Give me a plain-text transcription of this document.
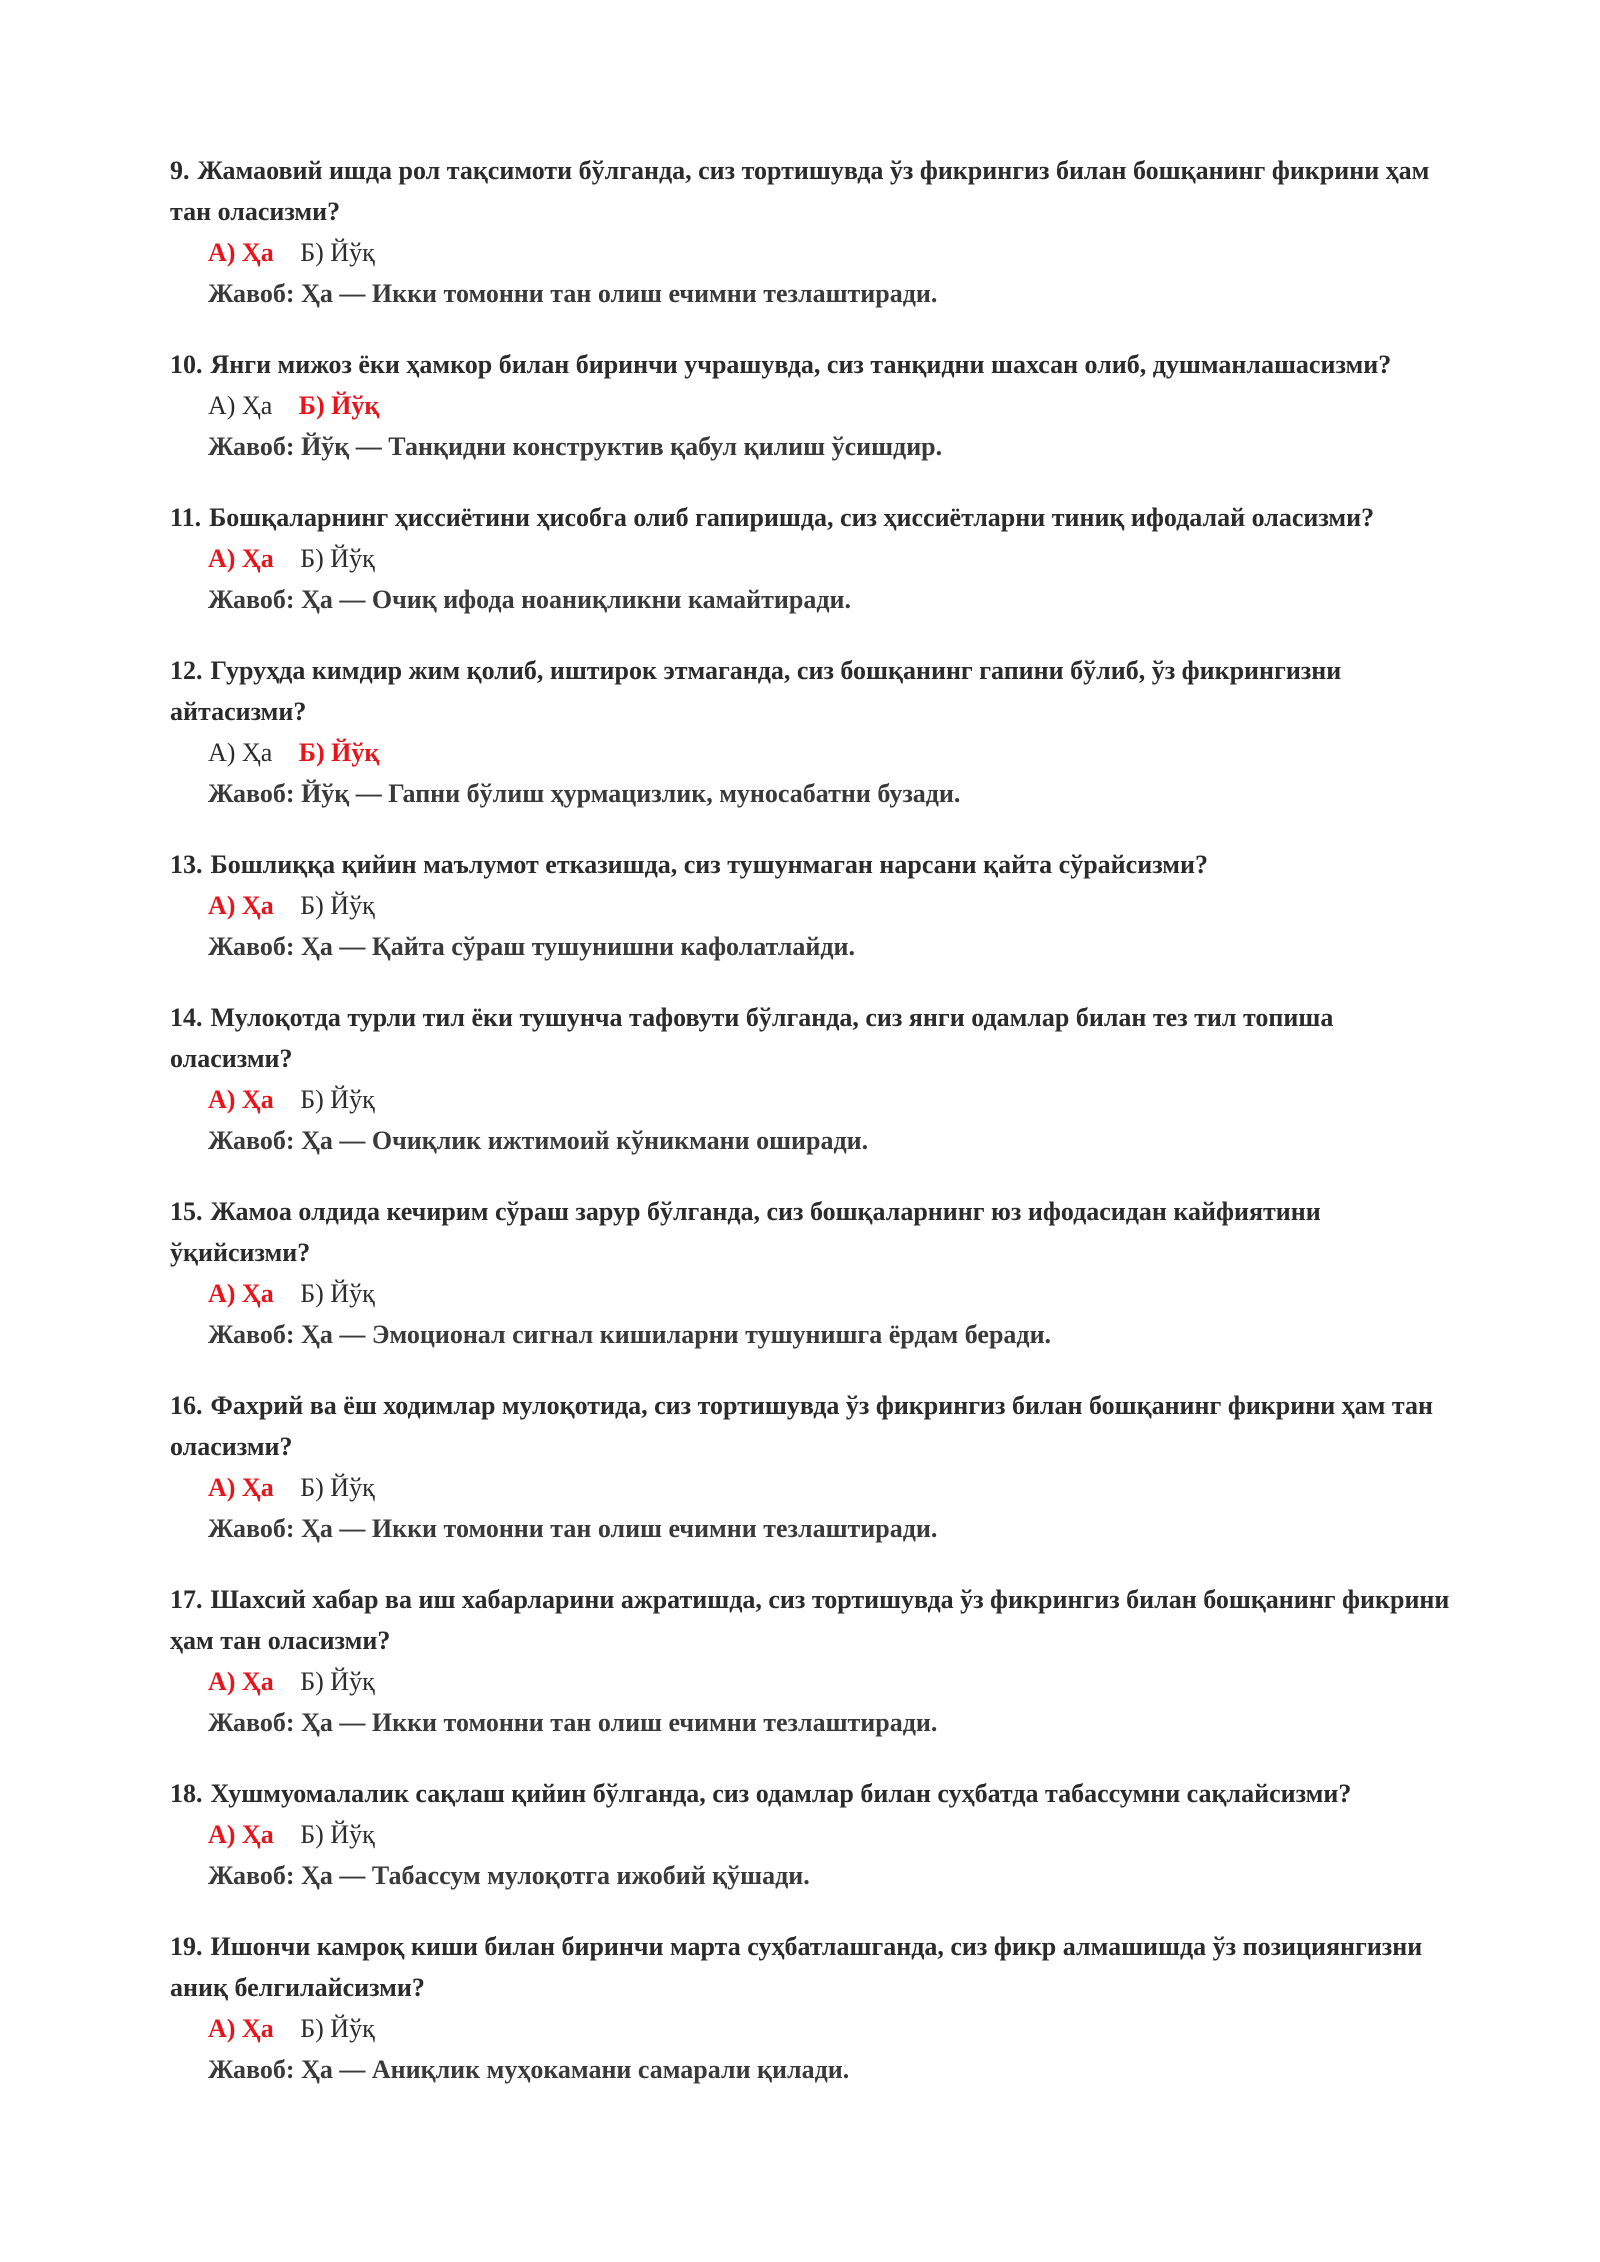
9. Жамаовий ишда рол тақсимоти бўлганда, сиз тортишувда ўз фикрингиз билан бошқанинг фикрини ҳам тан оласизми?

А) Ҳа Б) Йўқ
Жавоб: Ҳа — Икки томонни тан олиш ечимни тезлаштиради.

10. Янги мижоз ёки ҳамкор билан биринчи учрашувда, сиз танқидни шахсан олиб, душманлашасизми?

А) Ҳа Б) Йўқ
Жавоб: Йўқ — Танқидни конструктив қабул қилиш ўсишдир.

11. Бошқаларнинг ҳиссиётини ҳисобга олиб гапиришда, сиз ҳиссиётларни тиниқ ифодалай оласизми?

А) Ҳа Б) Йўқ
Жавоб: Ҳа — Очиқ ифода ноаниқликни камайтиради.

12. Гуруҳда кимдир жим қолиб, иштирок этмаганда, сиз бошқанинг гапини бўлиб, ўз фикрингизни айтасизми?

А) Ҳа Б) Йўқ
Жавоб: Йўқ — Гапни бўлиш ҳурмацизлик, муносабатни бузади.

13. Бошлиққа қийин маълумот етказишда, сиз тушунмаган нарсани қайта сўрайсизми?

А) Ҳа Б) Йўқ
Жавоб: Ҳа — Қайта сўраш тушунишни кафолатлайди.

14. Мулоқотда турли тил ёки тушунча тафовути бўлганда, сиз янги одамлар билан тез тил топиша оласизми?

А) Ҳа Б) Йўқ
Жавоб: Ҳа — Очиқлик ижтимоий кўникмани оширади.

15. Жамоа олдида кечирим сўраш зарур бўлганда, сиз бошқаларнинг юз ифодасидан кайфиятини ўқийсизми?

А) Ҳа Б) Йўқ
Жавоб: Ҳа — Эмоционал сигнал кишиларни тушунишга ёрдам беради.

16. Фахрий ва ёш ходимлар мулоқотида, сиз тортишувда ўз фикрингиз билан бошқанинг фикрини ҳам тан оласизми?

А) Ҳа Б) Йўқ
Жавоб: Ҳа — Икки томонни тан олиш ечимни тезлаштиради.

17. Шахсий хабар ва иш хабарларини ажратишда, сиз тортишувда ўз фикрингиз билан бошқанинг фикрини ҳам тан оласизми?

А) Ҳа Б) Йўқ
Жавоб: Ҳа — Икки томонни тан олиш ечимни тезлаштиради.

18. Хушмуомалалик сақлаш қийин бўлганда, сиз одамлар билан суҳбатда табассумни сақлайсизми?

А) Ҳа Б) Йўқ
Жавоб: Ҳа — Табассум мулоқотга ижобий қўшади.

19. Ишончи камроқ киши билан биринчи марта суҳбатлашганда, сиз фикр алмашишда ўз позициянгизни аниқ белгилайсизми?

А) Ҳа Б) Йўқ
Жавоб: Ҳа — Аниқлик муҳокамани самарали қилади.
